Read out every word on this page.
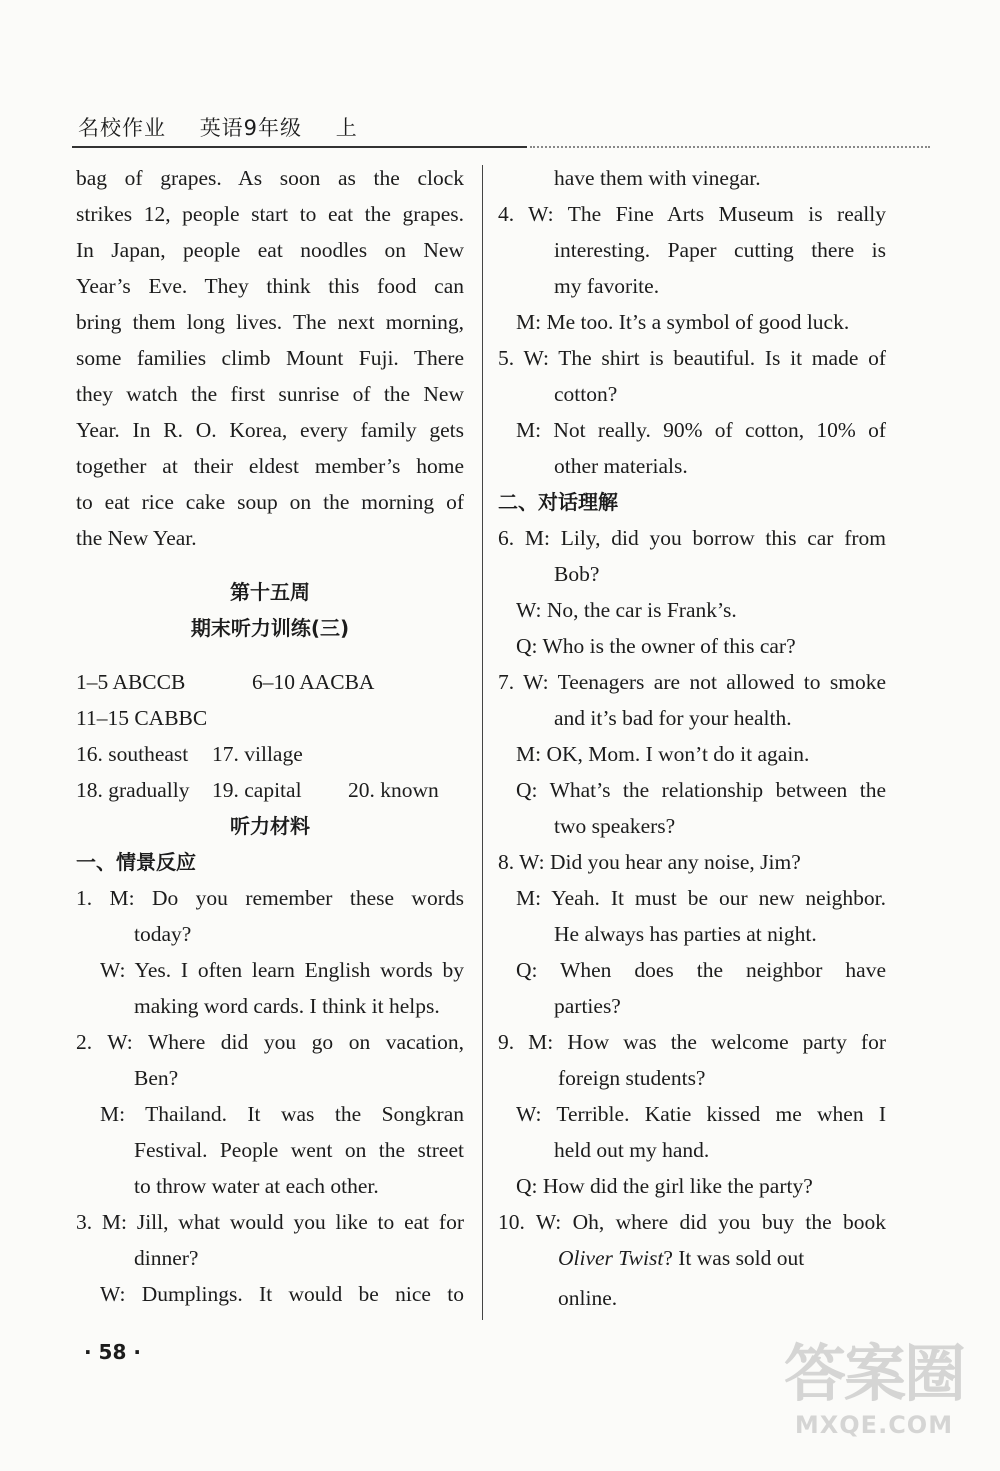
名校作业 英语9年级 上
bag of grapes. As soon as the clock
strikes 12, people start to eat the grapes.
In Japan, people eat noodles on New
Year’s Eve. They think this food can
bring them long lives. The next morning,
some families climb Mount Fuji. There
they watch the first sunrise of the New
Year. In R. O. Korea, every family gets
together at their eldest member’s home
to eat rice cake soup on the morning of
the New Year.
第十五周
期末听力训练(三)
1–5 ABCCB	6–10 AACBA
11–15 CABBC
16. southeast 17. village
18. gradually 19. capital 20. known
听力材料
一、情景反应
1. M: Do you remember these words
today?
W: Yes. I often learn English words by
making word cards. I think it helps.
2. W: Where did you go on vacation,
Ben?
M: Thailand. It was the Songkran
Festival. People went on the street
to throw water at each other.
3. M: Jill, what would you like to eat for
dinner?
W: Dumplings. It would be nice to
have them with vinegar.
4. W: The Fine Arts Museum is really
interesting. Paper cutting there is
my favorite.
M: Me too. It’s a symbol of good luck.
5. W: The shirt is beautiful. Is it made of
cotton?
M: Not really. 90% of cotton, 10% of
other materials.
二、对话理解
6. M: Lily, did you borrow this car from
Bob?
W: No, the car is Frank’s.
Q: Who is the owner of this car?
7. W: Teenagers are not allowed to smoke
and it’s bad for your health.
M: OK, Mom. I won’t do it again.
Q: What’s the relationship between the
two speakers?
8. W: Did you hear any noise, Jim?
M: Yeah. It must be our new neighbor.
He always has parties at night.
Q: When does the neighbor have
parties?
9. M: How was the welcome party for
foreign students?
W: Terrible. Katie kissed me when I
held out my hand.
Q: How did the girl like the party?
10. W: Oh, where did you buy the book
Oliver Twist? It was sold out
online.
· 58 ·	答案圈
MXQE.COM
